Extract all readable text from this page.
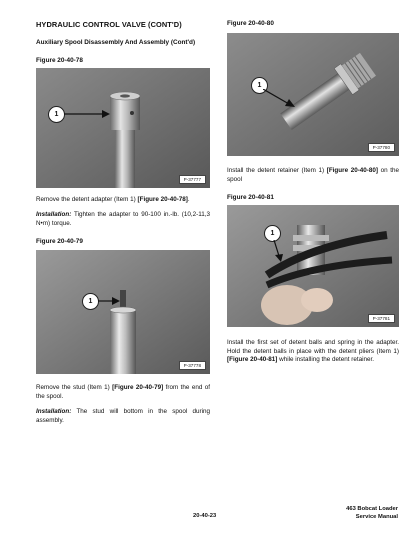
HYDRAULIC CONTROL VALVE (CONT'D)
Auxiliary Spool Disassembly And Assembly (Cont'd)
Figure 20-40-78
1
P-37777
Remove the detent adapter (Item 1) [Figure 20-40-78].
Installation: Tighten the adapter to 90-100 in.-lb. (10,2-11,3 N•m) torque.
Figure 20-40-79
1
P-37778
Remove the stud (Item 1) [Figure 20-40-79] from the end of the spool.
Installation: The stud will bottom in the spool during assembly.
Figure 20-40-80
1
P-37780
Install the detent retainer (Item 1) [Figure 20-40-80] on the spool
Figure 20-40-81
1
P-37781
Install the first set of detent balls and spring in the adapter. Hold the detent balls in place with the detent pliers (Item 1) [Figure 20-40-81] while installing the detent retainer.
20-40-23
463 Bobcat Loader
Service Manual
